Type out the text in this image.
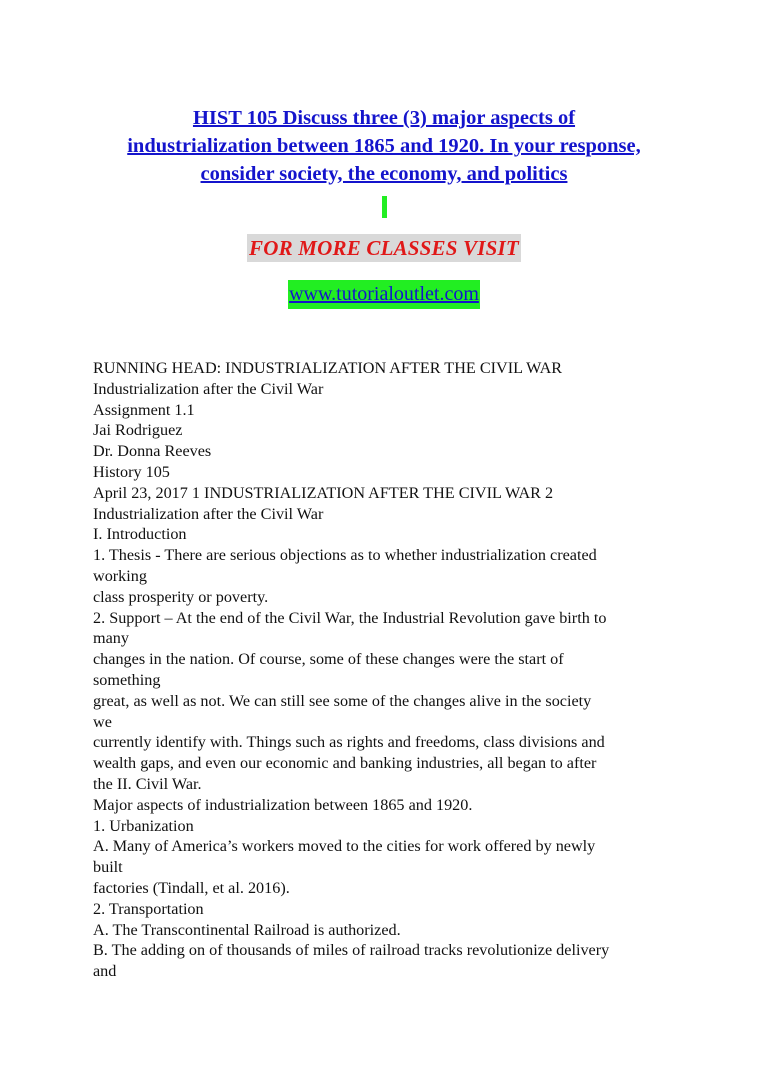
HIST 105 Discuss three (3) major aspects of
industrialization between 1865 and 1920. In your response,
consider society, the economy, and politics
FOR MORE CLASSES VISIT
www.tutorialoutlet.com
RUNNING HEAD: INDUSTRIALIZATION AFTER THE CIVIL WAR
Industrialization after the Civil War
Assignment 1.1
Jai Rodriguez
Dr. Donna Reeves
History 105
April 23, 2017 1 INDUSTRIALIZATION AFTER THE CIVIL WAR 2
Industrialization after the Civil War
I. Introduction
1. Thesis - There are serious objections as to whether industrialization created
working
class prosperity or poverty.
2. Support – At the end of the Civil War, the Industrial Revolution gave birth to
many
changes in the nation. Of course, some of these changes were the start of
something
great, as well as not. We can still see some of the changes alive in the society
we
currently identify with. Things such as rights and freedoms, class divisions and
wealth gaps, and even our economic and banking industries, all began to after
the II. Civil War.
Major aspects of industrialization between 1865 and 1920.
1. Urbanization
A. Many of America’s workers moved to the cities for work offered by newly
built
factories (Tindall, et al. 2016).
2. Transportation
A. The Transcontinental Railroad is authorized.
B. The adding on of thousands of miles of railroad tracks revolutionize delivery
and
